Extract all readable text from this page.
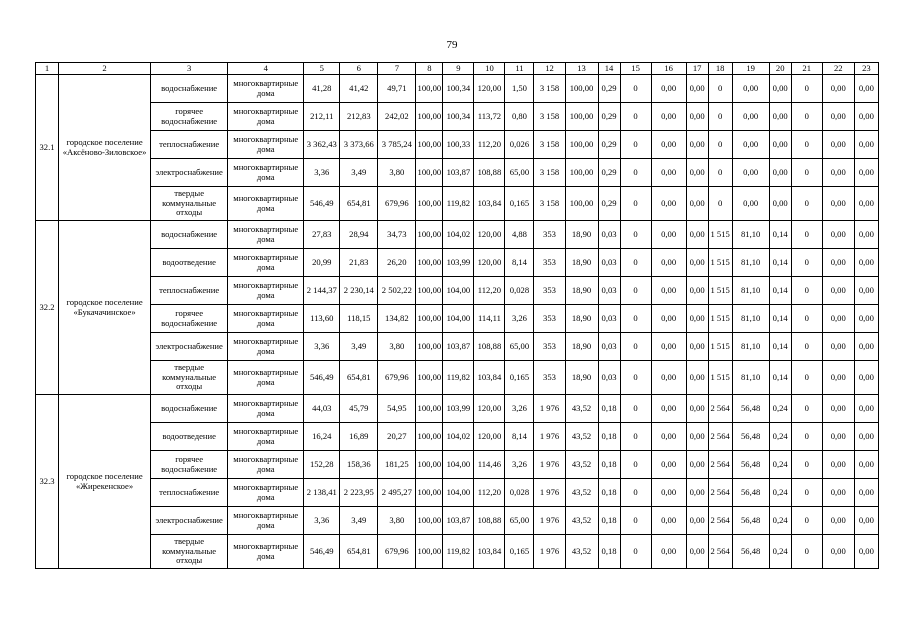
79
1	2	3	4	5	6	7	8	9	10	11	12	13	14	15	16	17	18	19	20	21	22	23
32.1	городское поселение «Аксёново-Зиловское»	водоснабжение	многоквартирные дома	41,28	41,42	49,71	100,00	100,34	120,00	1,50	3 158	100,00	0,29	0	0,00	0,00	0	0,00	0,00	0	0,00	0,00
		горячее водоснабжение	многоквартирные дома	212,11	212,83	242,02	100,00	100,34	113,72	0,80	3 158	100,00	0,29	0	0,00	0,00	0	0,00	0,00	0	0,00	0,00
		теплоснабжение	многоквартирные дома	3 362,43	3 373,66	3 785,24	100,00	100,33	112,20	0,026	3 158	100,00	0,29	0	0,00	0,00	0	0,00	0,00	0	0,00	0,00
		электроснабжение	многоквартирные дома	3,36	3,49	3,80	100,00	103,87	108,88	65,00	3 158	100,00	0,29	0	0,00	0,00	0	0,00	0,00	0	0,00	0,00
		твердые коммунальные отходы	многоквартирные дома	546,49	654,81	679,96	100,00	119,82	103,84	0,165	3 158	100,00	0,29	0	0,00	0,00	0	0,00	0,00	0	0,00	0,00
32.2	городское поселение «Букачачинское»	водоснабжение	многоквартирные дома	27,83	28,94	34,73	100,00	104,02	120,00	4,88	353	18,90	0,03	0	0,00	0,00	1 515	81,10	0,14	0	0,00	0,00
		водоотведение	многоквартирные дома	20,99	21,83	26,20	100,00	103,99	120,00	8,14	353	18,90	0,03	0	0,00	0,00	1 515	81,10	0,14	0	0,00	0,00
		теплоснабжение	многоквартирные дома	2 144,37	2 230,14	2 502,22	100,00	104,00	112,20	0,028	353	18,90	0,03	0	0,00	0,00	1 515	81,10	0,14	0	0,00	0,00
		горячее водоснабжение	многоквартирные дома	113,60	118,15	134,82	100,00	104,00	114,11	3,26	353	18,90	0,03	0	0,00	0,00	1 515	81,10	0,14	0	0,00	0,00
		электроснабжение	многоквартирные дома	3,36	3,49	3,80	100,00	103,87	108,88	65,00	353	18,90	0,03	0	0,00	0,00	1 515	81,10	0,14	0	0,00	0,00
		твердые коммунальные отходы	многоквартирные дома	546,49	654,81	679,96	100,00	119,82	103,84	0,165	353	18,90	0,03	0	0,00	0,00	1 515	81,10	0,14	0	0,00	0,00
32.3	городское поселение «Жирекенское»	водоснабжение	многоквартирные дома	44,03	45,79	54,95	100,00	103,99	120,00	3,26	1 976	43,52	0,18	0	0,00	0,00	2 564	56,48	0,24	0	0,00	0,00
		водоотведение	многоквартирные дома	16,24	16,89	20,27	100,00	104,02	120,00	8,14	1 976	43,52	0,18	0	0,00	0,00	2 564	56,48	0,24	0	0,00	0,00
		горячее водоснабжение	многоквартирные дома	152,28	158,36	181,25	100,00	104,00	114,46	3,26	1 976	43,52	0,18	0	0,00	0,00	2 564	56,48	0,24	0	0,00	0,00
		теплоснабжение	многоквартирные дома	2 138,41	2 223,95	2 495,27	100,00	104,00	112,20	0,028	1 976	43,52	0,18	0	0,00	0,00	2 564	56,48	0,24	0	0,00	0,00
		электроснабжение	многоквартирные дома	3,36	3,49	3,80	100,00	103,87	108,88	65,00	1 976	43,52	0,18	0	0,00	0,00	2 564	56,48	0,24	0	0,00	0,00
		твердые коммунальные отходы	многоквартирные дома	546,49	654,81	679,96	100,00	119,82	103,84	0,165	1 976	43,52	0,18	0	0,00	0,00	2 564	56,48	0,24	0	0,00	0,00
